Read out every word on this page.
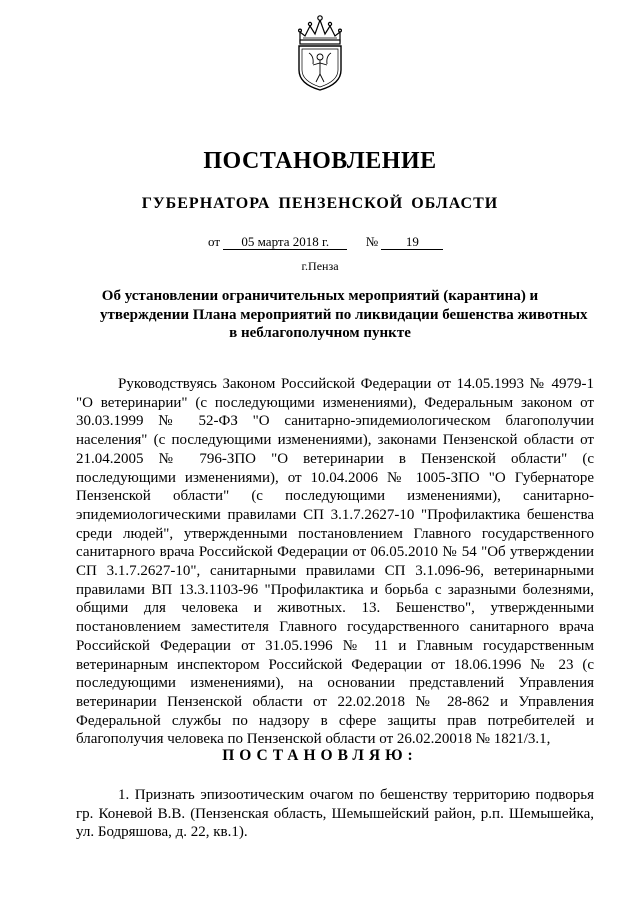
ПОСТАНОВЛЕНИЕ
ГУБЕРНАТОРА ПЕНЗЕНСКОЙ ОБЛАСТИ
от 05 марта 2018 г.	№ 19
г.Пенза
Об установлении ограничительных мероприятий (карантина) и
утверждении Плана мероприятий по ликвидации бешенства животных
в неблагополучном пункте

Руководствуясь Законом Российской Федерации от 14.05.1993 № 4979-1 "О ветеринарии" (с последующими изменениями), Федеральным законом от 30.03.1999 № 52-ФЗ "О санитарно-эпидемиологическом благополучии населения" (с последующими изменениями), законами Пензенской области от 21.04.2005 № 796-ЗПО "О ветеринарии в Пензенской области" (с последующими изменениями), от 10.04.2006 № 1005-ЗПО "О Губернаторе Пензенской области" (с последующими изменениями), санитарно-эпидемиологическими правилами СП 3.1.7.2627-10 "Профилактика бешенства среди людей", утвержденными постановлением Главного государственного санитарного врача Российской Федерации от 06.05.2010 № 54 "Об утверждении СП 3.1.7.2627-10", санитарными правилами СП 3.1.096-96, ветеринарными правилами ВП 13.3.1103-96 "Профилактика и борьба с заразными болезнями, общими для человека и животных. 13. Бешенство", утвержденными постановлением заместителя Главного государственного санитарного врача Российской Федерации от 31.05.1996 № 11 и Главным государственным ветеринарным инспектором Российской Федерации от 18.06.1996 № 23 (с последующими изменениями), на основании представлений Управления ветеринарии Пензенской области от 22.02.2018 № 28-862 и Управления Федеральной службы по надзору в сфере защиты прав потребителей и благополучия человека по Пензенской области от 26.02.20018 № 1821/3.1,

ПОСТАНОВЛЯЮ:

1. Признать эпизоотическим очагом по бешенству территорию подворья гр. Коневой В.В. (Пензенская область, Шемышейский район, р.п. Шемышейка, ул. Бодряшова, д. 22, кв.1).
